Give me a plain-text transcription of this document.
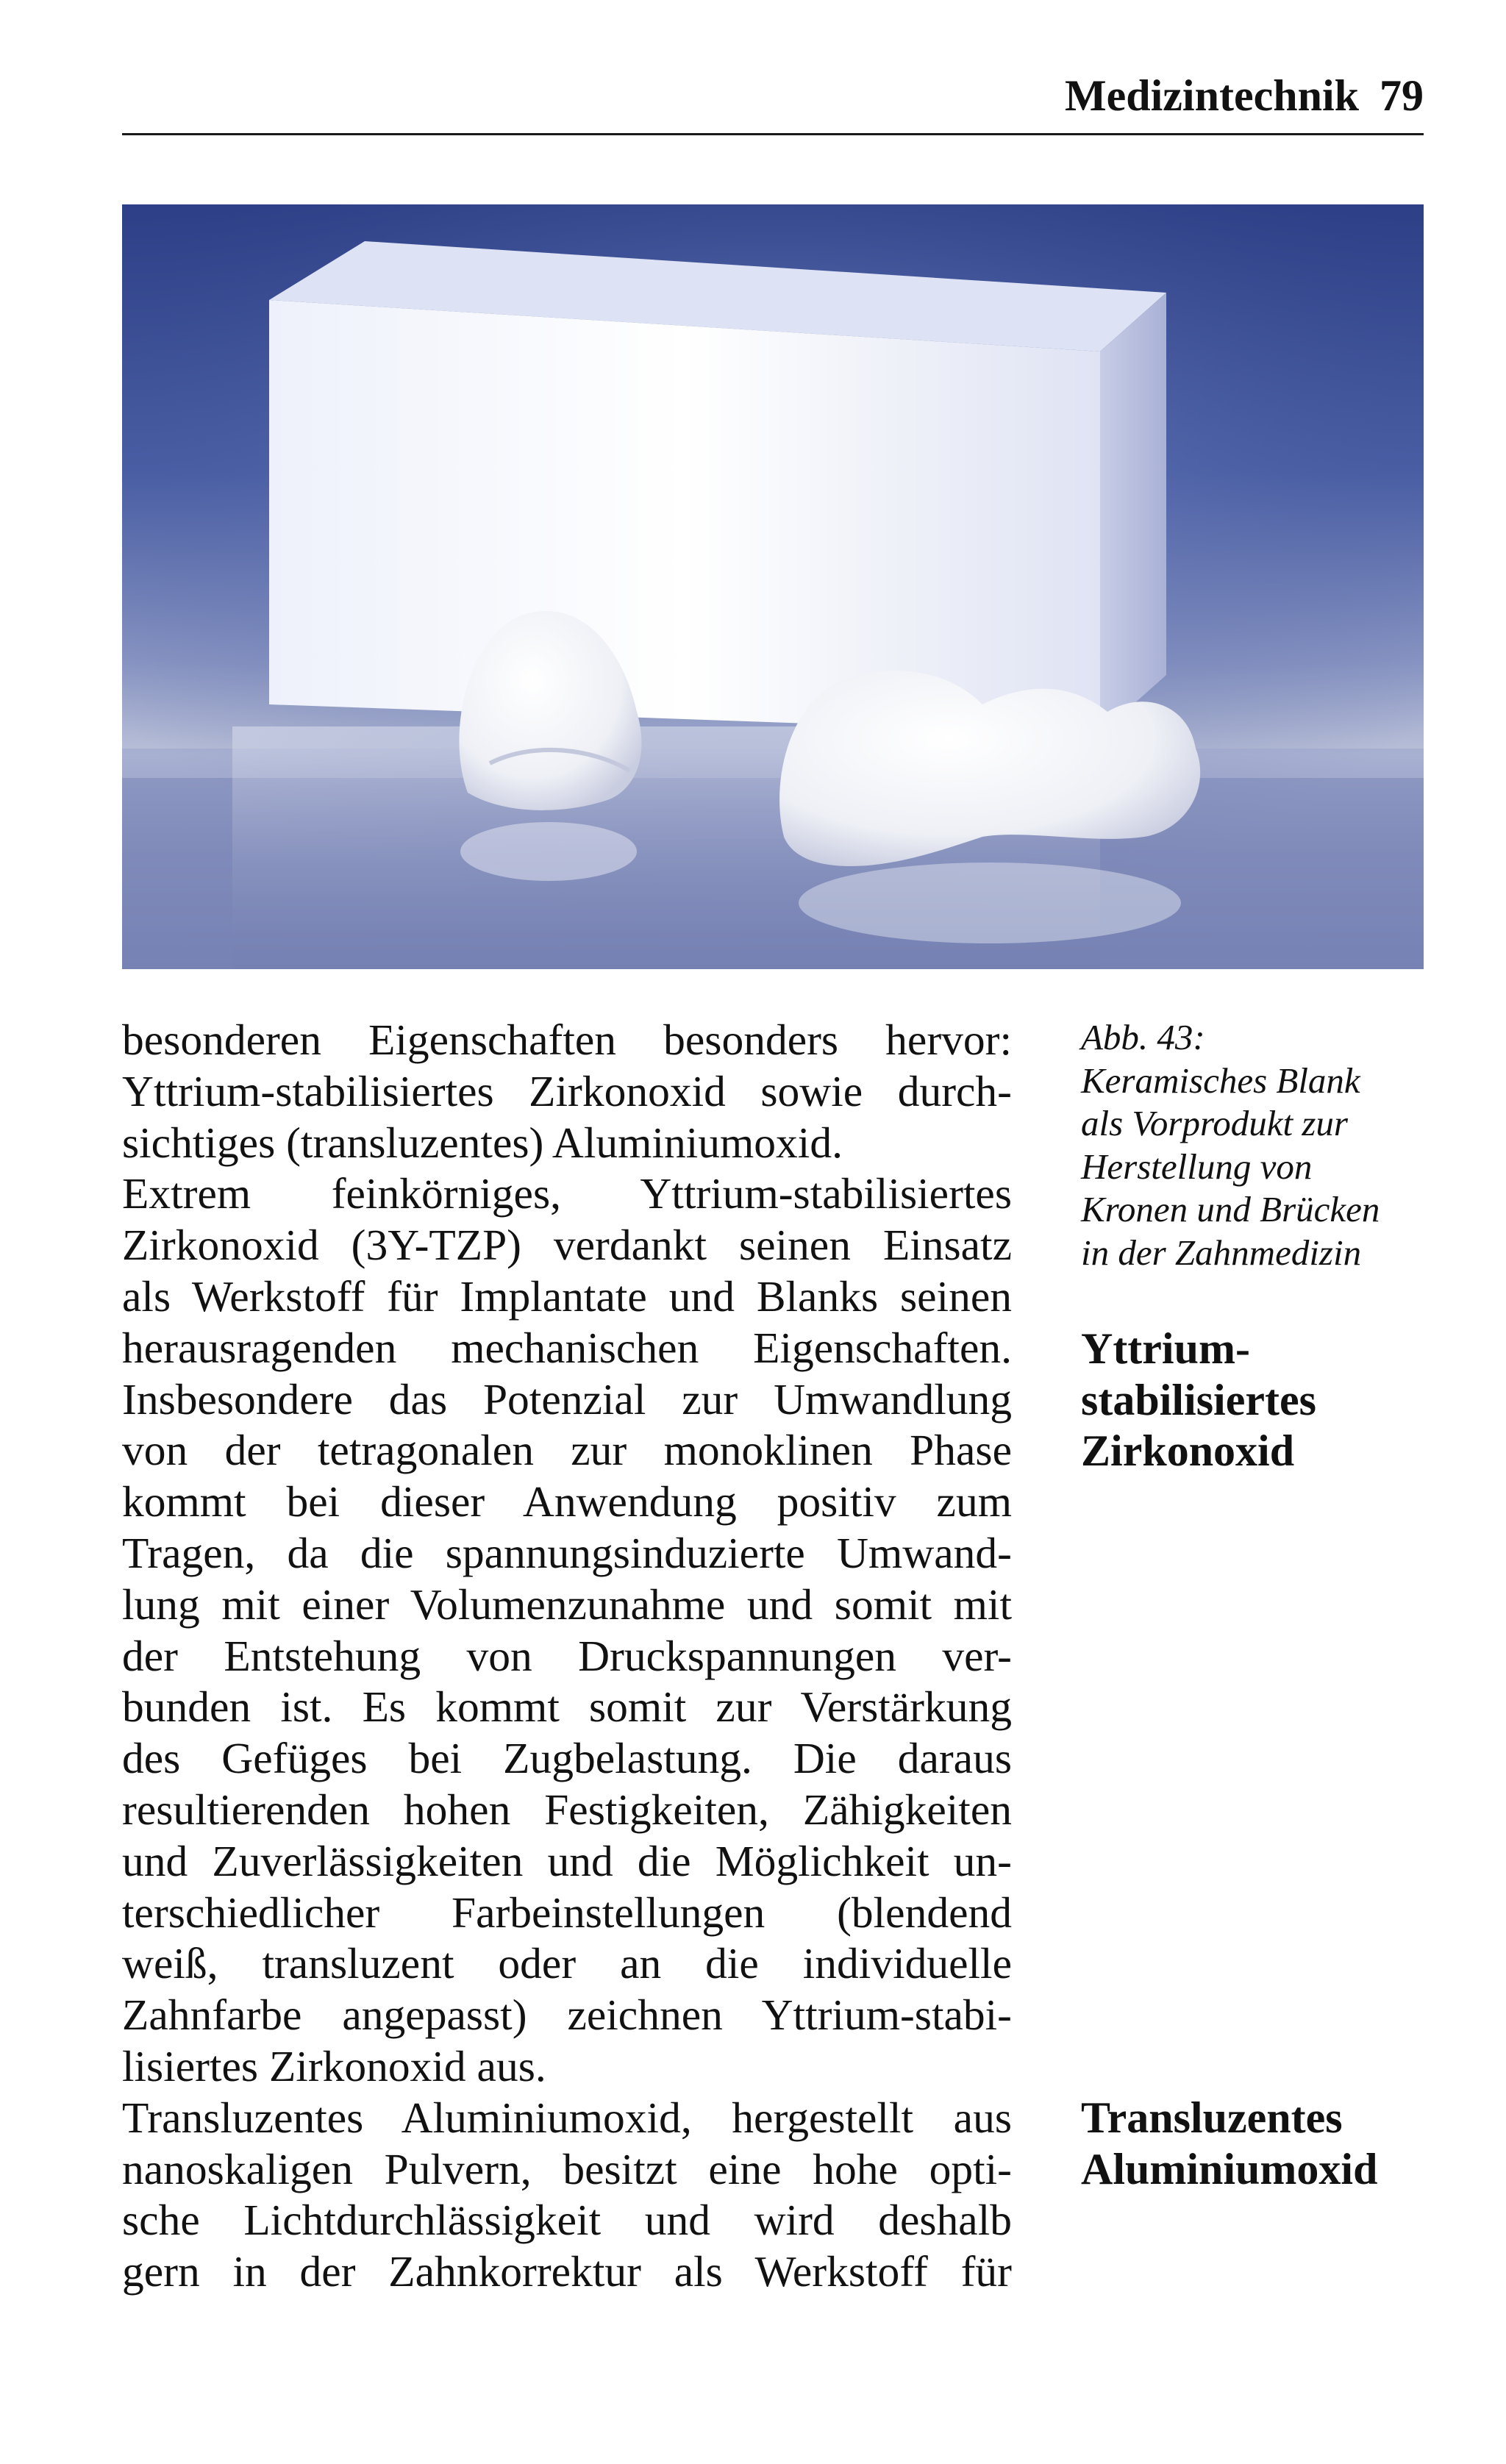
Medizintechnik 79
besonderen Eigenschaften besonders hervor:
Yttrium-stabilisiertes Zirkonoxid sowie durch-
sichtiges (transluzentes) Aluminiumoxid.
Extrem feinkörniges, Yttrium-stabilisiertes
Zirkonoxid (3Y-TZP) verdankt seinen Einsatz
als Werkstoff für Implantate und Blanks seinen
herausragenden mechanischen Eigenschaften.
Insbesondere das Potenzial zur Umwandlung
von der tetragonalen zur monoklinen Phase
kommt bei dieser Anwendung positiv zum
Tragen, da die spannungsinduzierte Umwand-
lung mit einer Volumenzunahme und somit mit
der Entstehung von Druckspannungen ver-
bunden ist. Es kommt somit zur Verstärkung
des Gefüges bei Zugbelastung. Die daraus
resultierenden hohen Festigkeiten, Zähigkeiten
und Zuverlässigkeiten und die Möglichkeit un-
terschiedlicher Farbeinstellungen (blendend
weiß, transluzent oder an die individuelle
Zahnfarbe angepasst) zeichnen Yttrium-stabi-
lisiertes Zirkonoxid aus.
Transluzentes Aluminiumoxid, hergestellt aus
nanoskaligen Pulvern, besitzt eine hohe opti-
sche Lichtdurchlässigkeit und wird deshalb
gern in der Zahnkorrektur als Werkstoff für
Abb. 43:
Keramisches Blank
als Vorprodukt zur
Herstellung von
Kronen und Brücken
in der Zahnmedizin
Yttrium-
stabilisiertes
Zirkonoxid
Transluzentes
Aluminiumoxid
